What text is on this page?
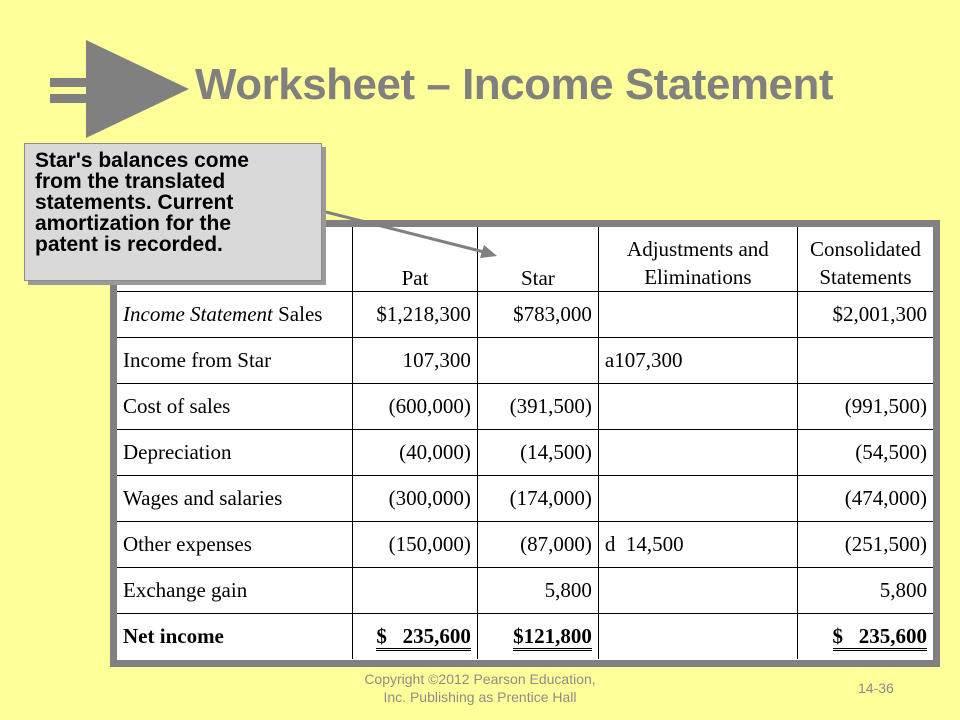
Worksheet – Income Statement
	Pat	Star	Adjustments and
Eliminations	Consolidated
Statements
Income Statement Sales	$1,218,300	$783,000		$2,001,300
Income from Star	107,300		a107,300	
Cost of sales	(600,000)	(391,500)		(991,500)
Depreciation	(40,000)	(14,500)		(54,500)
Wages and salaries	(300,000)	(174,000)		(474,000)
Other expenses	(150,000)	(87,000)	d  14,500	(251,500)
Exchange gain		5,800		5,800
Net income	$   235,600	$121,800		$   235,600

Star's balances come
from the translated
statements. Current
amortization for the
patent is recorded.

Copyright ©2012 Pearson Education,
Inc. Publishing as Prentice Hall
14-36
